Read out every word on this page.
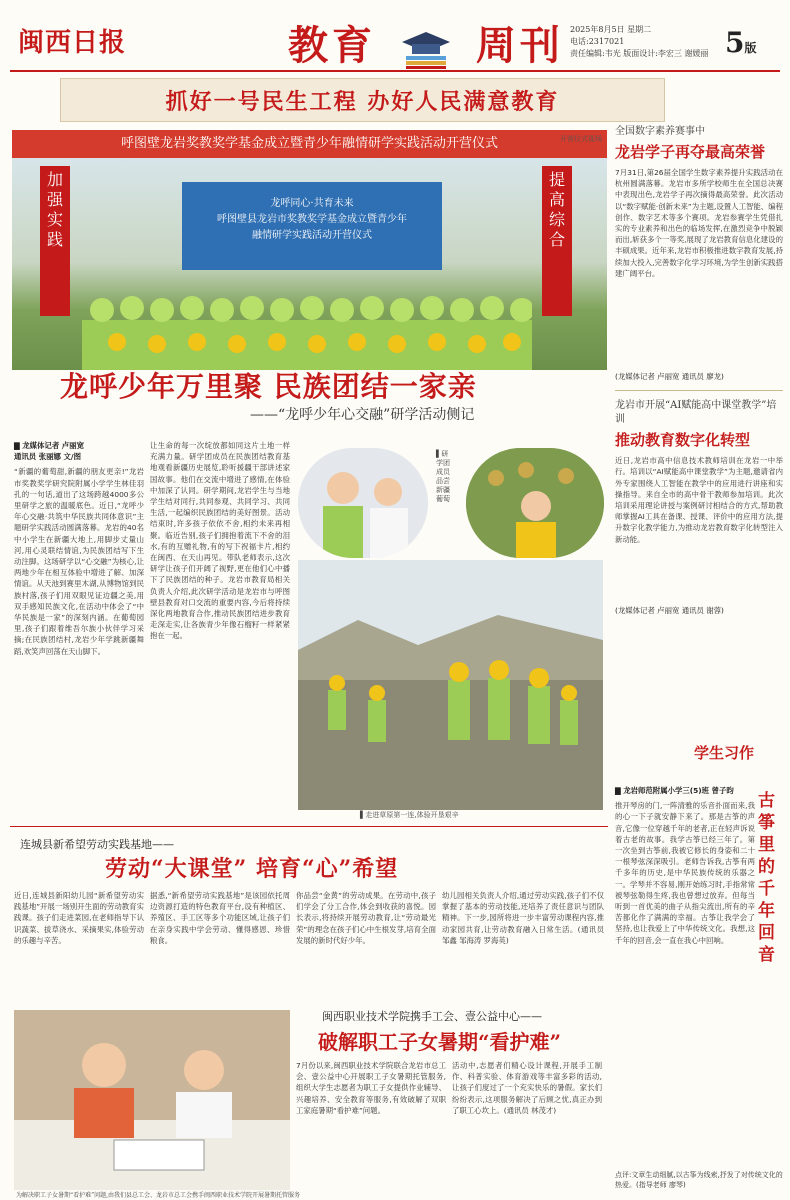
闽西日报	教育 周刊 2025年8月5日 星期二
电话:2317021
责任编辑:韦光 版面设计:李宏三 谢媛丽 5版
抓好一号民生工程 办好人民满意教育
呼图壁龙岩奖教奖学基金成立暨青少年融情研学实践活动开营仪式
龙呼同心·共育未来
呼图壁县龙岩市奖教奖学基金成立暨青少年
融情研学实践活动开营仪式
加强实践
提高综合
开营仪式现场
龙呼少年万里聚 民族团结一家亲
——“龙呼少年心交融”研学活动侧记
▇ 龙媒体记者 卢丽宽
通讯员 张丽娜 文/图
“新疆的葡萄甜,新疆的朋友更亲!”龙岩市奖教奖学研究院附属小学学生林佳羽孔的一句话,道出了这场跨越4000多公里研学之旅的温暖底色。近日,“龙呼少年心交融·共筑中华民族共同体意识”主题研学实践活动圆满落幕。龙岩的40名中小学生在新疆大地上,用脚步丈量山河,用心灵联结情谊,为民族团结写下生动注脚。这场研学以“心交融”为核心,让两地少年在相互体验中增进了解、加深情谊。从天池到赛里木湖,从博物馆到民族村落,孩子们用双眼见证边疆之美,用双手感知民族文化,在活动中体会了“中华民族是一家”的深刻内涵。在葡萄园里,孩子们跟着维吾尔族小伙伴学习采摘;在民族团结村,龙岩少年学跳新疆舞蹈,欢笑声回荡在天山脚下。
让生命的每一次绽放都如同这片土地一样充满力量。研学团成员在民族团结教育基地观看新疆历史展览,聆听援疆干部讲述家国故事。他们在交流中增进了感情,在体验中加深了认同。研学期间,龙岩学生与当地学生结对同行,共同参观、共同学习、共同生活,一起编织民族团结的美好图景。活动结束时,许多孩子依依不舍,相约未来再相聚。临近告别,孩子们拥抱着流下不舍的泪水,有的互赠礼物,有的写下祝福卡片,相约在闽西、在天山再见。带队老师表示,这次研学让孩子们开阔了视野,更在他们心中播下了民族团结的种子。龙岩市教育局相关负责人介绍,此次研学活动是龙岩市与呼图壁县教育对口交流的重要内容,今后将持续深化两地教育合作,推动民族团结进步教育走深走实,让各族青少年像石榴籽一样紧紧抱在一起。
▌研学团成员品尝新疆葡萄
▌走进草原第一连,体验开垦艰辛
全国数字素养赛事中
龙岩学子再夺最高荣誉
7月31日,第26届全国学生数字素养提升实践活动在杭州圆满落幕。龙岩市多所学校师生在全国总决赛中表现出色,龙岩学子再次摘得最高荣誉。此次活动以“数字赋能·创新未来”为主题,设置人工智能、编程创作、数字艺术等多个赛项。龙岩参赛学生凭借扎实的专业素养和出色的临场发挥,在激烈竞争中脱颖而出,斩获多个一等奖,展现了龙岩教育信息化建设的丰硕成果。近年来,龙岩市积极推进数字教育发展,持续加大投入,完善数字化学习环境,为学生创新实践搭建广阔平台。
(龙媒体记者 卢丽宽 通讯员 廖龙)
龙岩市开展“AI赋能高中课堂教学”培训
推动教育数字化转型
近日,龙岩市高中信息技术教师培训在龙岩一中举行。培训以“AI赋能高中课堂教学”为主题,邀请省内外专家围绕人工智能在教学中的应用进行讲座和实操指导。来自全市的高中骨干教师参加培训。此次培训采用理论讲授与案例研讨相结合的方式,帮助教师掌握AI工具在备课、授课、评价中的应用方法,提升数字化教学能力,为推动龙岩教育数字化转型注入新动能。
(龙媒体记者 卢丽宽 通讯员 谢蓉)
学生习作
▇ 龙岩师范附属小学三(5)班 曾子昀
推开琴房的门,一阵清雅的乐音扑面而来,我的心一下子就安静下来了。那是古筝的声音,它像一位穿越千年的老者,正在轻声诉说着古老的故事。我学古筝已经三年了。第一次坐到古筝前,我被它修长的身姿和二十一根琴弦深深吸引。老师告诉我,古筝有两千多年的历史,是中华民族传统的乐器之一。学琴并不容易,刚开始练习时,手指常常被琴弦勒得生疼,我也曾想过放弃。但每当听到一首优美的曲子从指尖流出,所有的辛苦都化作了满满的幸福。古筝让我学会了坚持,也让我爱上了中华传统文化。我想,这千年的回音,会一直在我心中回响。
古筝里的千年回音
连城县新希望劳动实践基地——
劳动“大课堂” 培育“心”希望
近日,连城县新阳幼儿园“新希望劳动实践基地”开展一场别开生面的劳动教育实践课。孩子们走进菜园,在老师指导下认识蔬菜、拔草浇水、采摘果实,体验劳动的乐趣与辛苦。
据悉,“新希望劳动实践基地”是该园依托周边资源打造的特色教育平台,设有种植区、养殖区、手工区等多个功能区域,让孩子们在亲身实践中学会劳动、懂得感恩、珍惜粮食。
你品尝“金黄”的劳动成果。在劳动中,孩子们学会了分工合作,体会到收获的喜悦。园长表示,将持续开展劳动教育,让“劳动最光荣”的理念在孩子们心中生根发芽,培育全面发展的新时代好少年。
幼儿园相关负责人介绍,通过劳动实践,孩子们不仅掌握了基本的劳动技能,还培养了责任意识与团队精神。下一步,园所将进一步丰富劳动课程内容,推动家园共育,让劳动教育融入日常生活。(通讯员 邹鑫 邹海涛 罗海英)
为解决职工子女暑期“看护难”问题,由我们县总工会、龙岩市总工会携手闽西职业技术学院开展暑期托管服务
闽西职业技术学院携手工会、壹公益中心——
破解职工子女暑期“看护难”
7月份以来,闽西职业技术学院联合龙岩市总工会、壹公益中心开展职工子女暑期托管服务,组织大学生志愿者为职工子女提供作业辅导、兴趣培养、安全教育等服务,有效破解了双职工家庭暑期“看护难”问题。
活动中,志愿者们精心设计课程,开展手工制作、科普实验、体育游戏等丰富多彩的活动,让孩子们度过了一个充实快乐的暑假。家长们纷纷表示,这项服务解决了后顾之忧,真正办到了职工心坎上。(通讯员 林茂才)
点评:文章生动细腻,以古筝为线索,抒发了对传统文化的热爱。(指导老师 廖琴)
